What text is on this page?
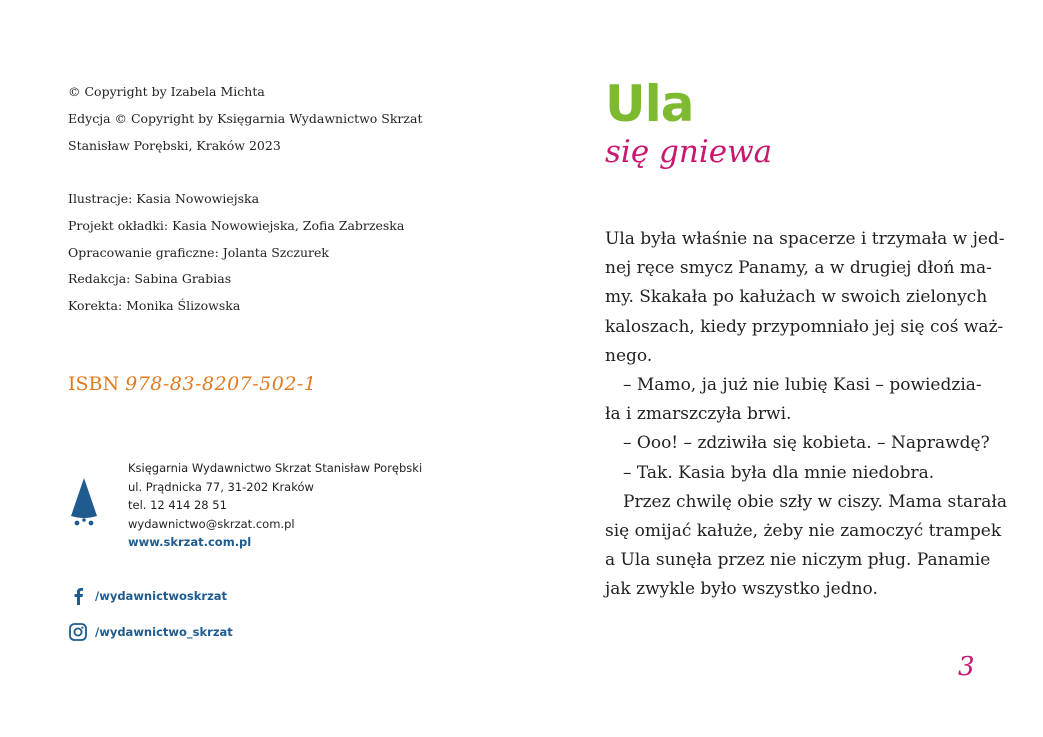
© Copyright by Izabela Michta
Edycja © Copyright by Księgarnia Wydawnictwo Skrzat
Stanisław Porębski, Kraków 2023
Ilustracje: Kasia Nowowiejska
Projekt okładki: Kasia Nowowiejska, Zofia Zabrzeska
Opracowanie graficzne: Jolanta Szczurek
Redakcja: Sabina Grabias
Korekta: Monika Ślizowska
ISBN 978-83-8207-502-1
Księgarnia Wydawnictwo Skrzat Stanisław Porębski
ul. Prądnicka 77, 31-202 Kraków
tel. 12 414 28 51
wydawnictwo@skrzat.com.pl
www.skrzat.com.pl
/wydawnictwoskrzat
/wydawnictwo_skrzat
Ula
się gniewa

Ula była właśnie na spacerze i trzymała w jed-

nej ręce smycz Panamy, a w drugiej dłoń ma-

my. Skakała po kałużach w swoich zielonych

kaloszach, kiedy przypomniało jej się coś waż-

nego.

– Mamo, ja już nie lubię Kasi – powiedzia-

ła i zmarszczyła brwi.

– Ooo! – zdziwiła się kobieta. – Naprawdę?

– Tak. Kasia była dla mnie niedobra.

Przez chwilę obie szły w ciszy. Mama starała

się omijać kałuże, żeby nie zamoczyć trampek

a Ula sunęła przez nie niczym pług. Panamie

jak zwykle było wszystko jedno.

3
